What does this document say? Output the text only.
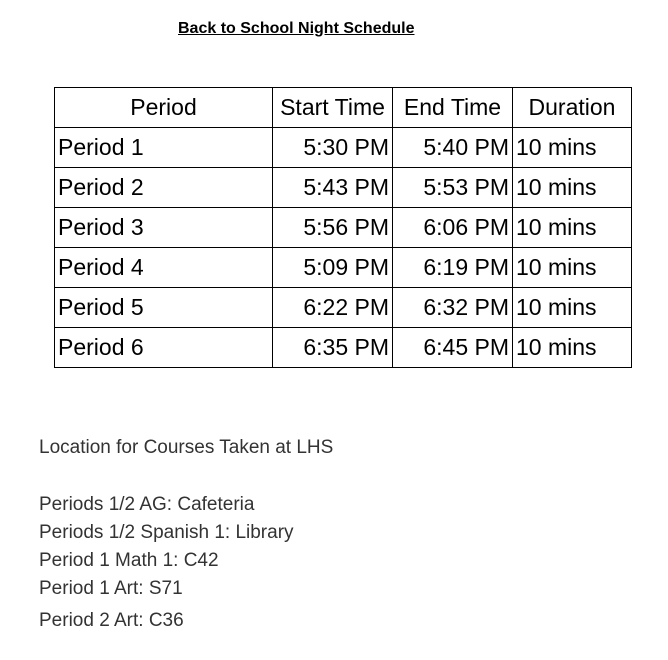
Back to School Night Schedule
Period	Start Time	End Time	Duration
Period 1	5:30 PM	5:40 PM	10 mins
Period 2	5:43 PM	5:53 PM	10 mins
Period 3	5:56 PM	6:06 PM	10 mins
Period 4	5:09 PM	6:19 PM	10 mins
Period 5	6:22 PM	6:32 PM	10 mins
Period 6	6:35 PM	6:45 PM	10 mins
Location for Courses Taken at LHS
Periods 1/2 AG: Cafeteria
Periods 1/2 Spanish 1: Library
Period 1 Math 1: C42
Period 1 Art: S71
Period 2 Art: C36
